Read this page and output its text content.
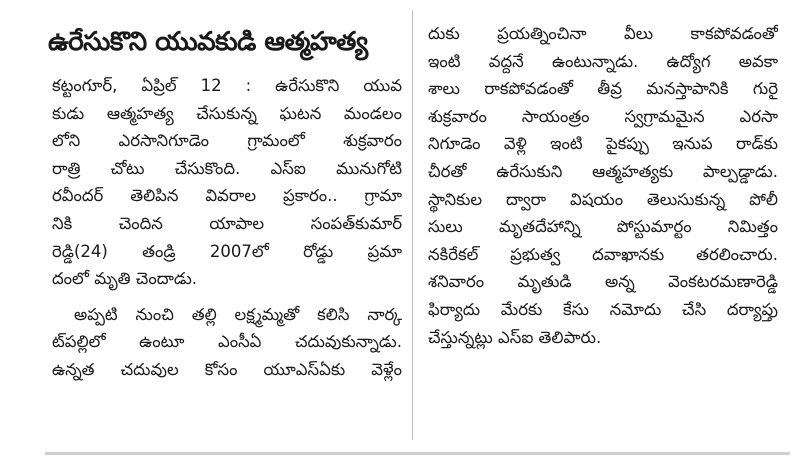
ఉరేసుకొని యువకుడి ఆత్మహత్య
కట్టంగూర్, ఏప్రిల్ 12 : ఉరేసుకొని యువ
కుడు ఆత్మహత్య చేసుకున్న ఘటన మండలం
లోని ఎరసానిగూడెం గ్రామంలో శుక్రవారం
రాత్రి చోటు చేసుకొంది. ఎస్ఐ మునుగోటి
రవీందర్ తెలిపిన వివరాల ప్రకారం.. గ్రామా
నికి చెందిన యాపాల సంపత్‌కుమార్
రెడ్డి(24) తండ్రి 2007లో రోడ్డు ప్రమా
దంలో మృతి చెందాడు.
అప్పటి నుంచి తల్లి లక్ష్మమ్మతో కలిసి నార్క
ట్‌పల్లిలో ఉంటూ ఎంసీఏ చదువుకున్నాడు.
ఉన్నత చదువుల కోసం యూఎస్ఏకు వెళ్లేం
దుకు ప్రయత్నించినా వీలు కాకపోవడంతో
ఇంటి వద్దనే ఉంటున్నాడు. ఉద్యోగ అవకా
శాలు రాకపోవడంతో తీవ్ర మనస్తాపానికి గురై
శుక్రవారం సాయంత్రం స్వగ్రామమైన ఎరసా
నిగూడెం వెళ్లి ఇంటి పైకప్పు ఇనుప రాడ్‌కు
చీరతో ఉరేసుకుని ఆత్మహత్యకు పాల్పడ్డాడు.
స్థానికుల ద్వారా విషయం తెలుసుకున్న పోలీ
సులు మృతదేహాన్ని పోస్టుమార్టం నిమిత్తం
నకిరేకల్ ప్రభుత్వ దవాఖానకు తరలించారు.
శనివారం మృతుడి అన్న వెంకటరమణారెడ్డి
ఫిర్యాదు మేరకు కేసు నమోదు చేసి దర్యాప్తు
చేస్తున్నట్లు ఎస్ఐ తెలిపారు.
